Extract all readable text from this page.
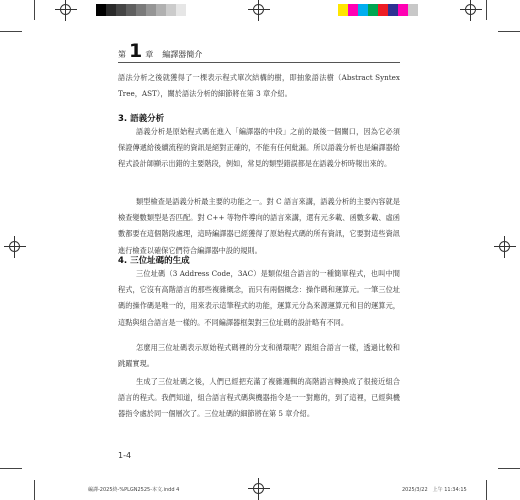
第 1 章 編譯器簡介

語法分析之後就獲得了一棵表示程式單次結構的樹，即抽象語法樹（Abstract Syntex Tree，AST），關於語法分析的細節將在第 3 章介紹。

3. 語義分析

語義分析是原始程式碼在進入「編譯器的中段」之前的最後一個關口，因為它必須保證傳遞給後續流程的資訊是絕對正確的，不能有任何紕漏。所以語義分析也是編譯器給程式設計師顯示出錯的主要階段，例如，常見的類型錯誤都是在語義分析時報出來的。

類型檢查是語義分析最主要的功能之一。對 C 語言來講，語義分析的主要內容就是檢查變數類型是否匹配。對 C++ 等物件導向的語言來講，還有元多載、函數多載、虛函數都要在這個階段處理，這時編譯器已經獲得了原始程式碼的所有資訊，它要對這些資訊進行檢查以確保它們符合編譯器中設的規則。

4. 三位址碼的生成

三位址碼（3 Address Code，3AC）是類似組合語言的一種簡單程式，也叫中間程式，它沒有高階語言的那些複雜概念，而只有兩個概念：操作碼和運算元。一筆三位址碼的操作碼是唯一的，用來表示這筆程式的功能，運算元分為來源運算元和目的運算元，這點與組合語言是一樣的。不同編譯器框架對三位址碼的設計略有不同。

怎麼用三位址碼表示原始程式碼裡的分支和循環呢？跟組合語言一樣，透過比較和跳躍實現。

生成了三位址碼之後，人們已經把充滿了複雜邏輯的高階語言轉換成了很接近組合語言的程式。我們知道，組合語言程式碼與機器指令是一一對應的，到了這裡，已經與機器指令處於同一個層次了。三位址碼的細節將在第 5 章介紹。

1-4
編譯-2025終-%PLGN2525-本文.indd 4	2025/3/22　上午 11:34:15
